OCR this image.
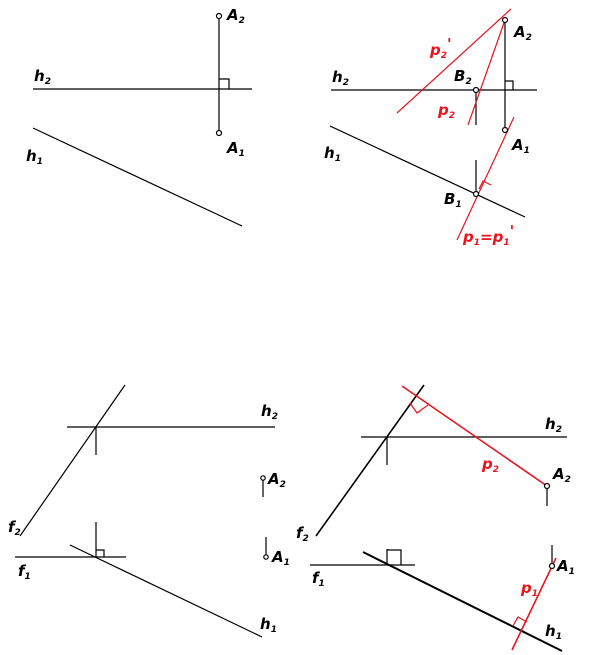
$A_2$
$h_2$
$A_1$
$h_1$
$A_2$
$p_2'$
$h_2$	$B_2$
$p_2$
$A_1$
$h_1$
$B_1$
$p_1=p_1'$
$h_2$
$A_2$
$f_2$
$A_1$
$f_1$
$h_1$
$h_2$
$p_2$	$A_2$
$f_2$
$A_1$
$f_1$	$p_1$
$h_1$
